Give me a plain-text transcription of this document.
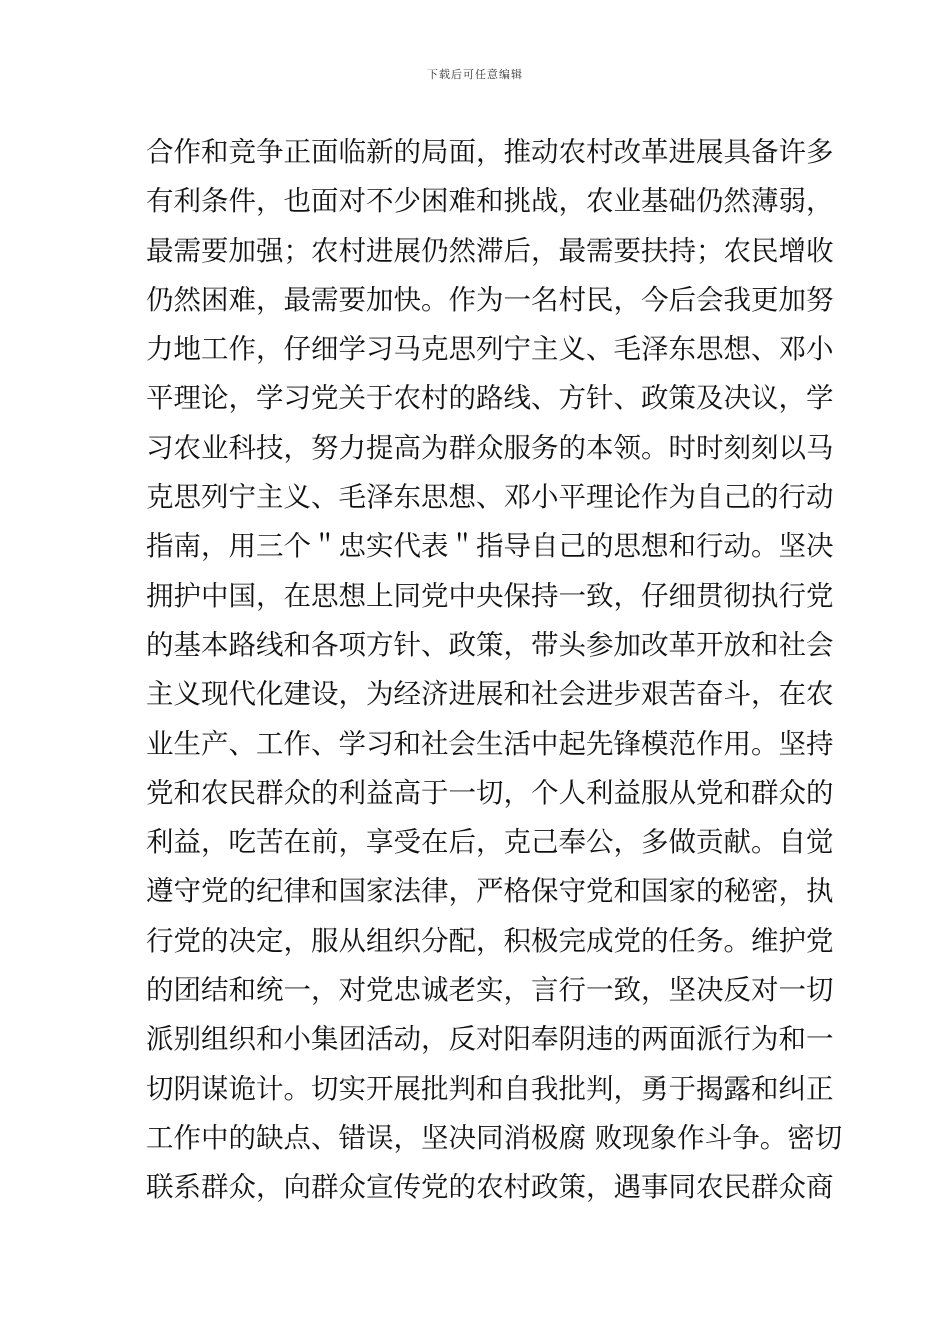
下载后可任意编辑
合作和竞争正面临新的局面，推动农村改革进展具备许多
有利条件，也面对不少困难和挑战，农业基础仍然薄弱，
最需要加强；农村进展仍然滞后，最需要扶持；农民增收
仍然困难，最需要加快。作为一名村民，今后会我更加努
力地工作，仔细学习马克思列宁主义、毛泽东思想、邓小
平理论，学习党关于农村的路线、方针、政策及决议，学
习农业科技，努力提高为群众服务的本领。时时刻刻以马
克思列宁主义、毛泽东思想、邓小平理论作为自己的行动
指南，用三个＂忠实代表＂指导自己的思想和行动。坚决
拥护中国，在思想上同党中央保持一致，仔细贯彻执行党
的基本路线和各项方针、政策，带头参加改革开放和社会
主义现代化建设，为经济进展和社会进步艰苦奋斗，在农
业生产、工作、学习和社会生活中起先锋模范作用。坚持
党和农民群众的利益高于一切，个人利益服从党和群众的
利益，吃苦在前，享受在后，克己奉公，多做贡献。自觉
遵守党的纪律和国家法律，严格保守党和国家的秘密，执
行党的决定，服从组织分配，积极完成党的任务。维护党
的团结和统一，对党忠诚老实，言行一致，坚决反对一切
派别组织和小集团活动，反对阳奉阴违的两面派行为和一
切阴谋诡计。切实开展批判和自我批判，勇于揭露和纠正
工作中的缺点、错误，坚决同消极腐 败现象作斗争。密切
联系群众，向群众宣传党的农村政策，遇事同农民群众商
